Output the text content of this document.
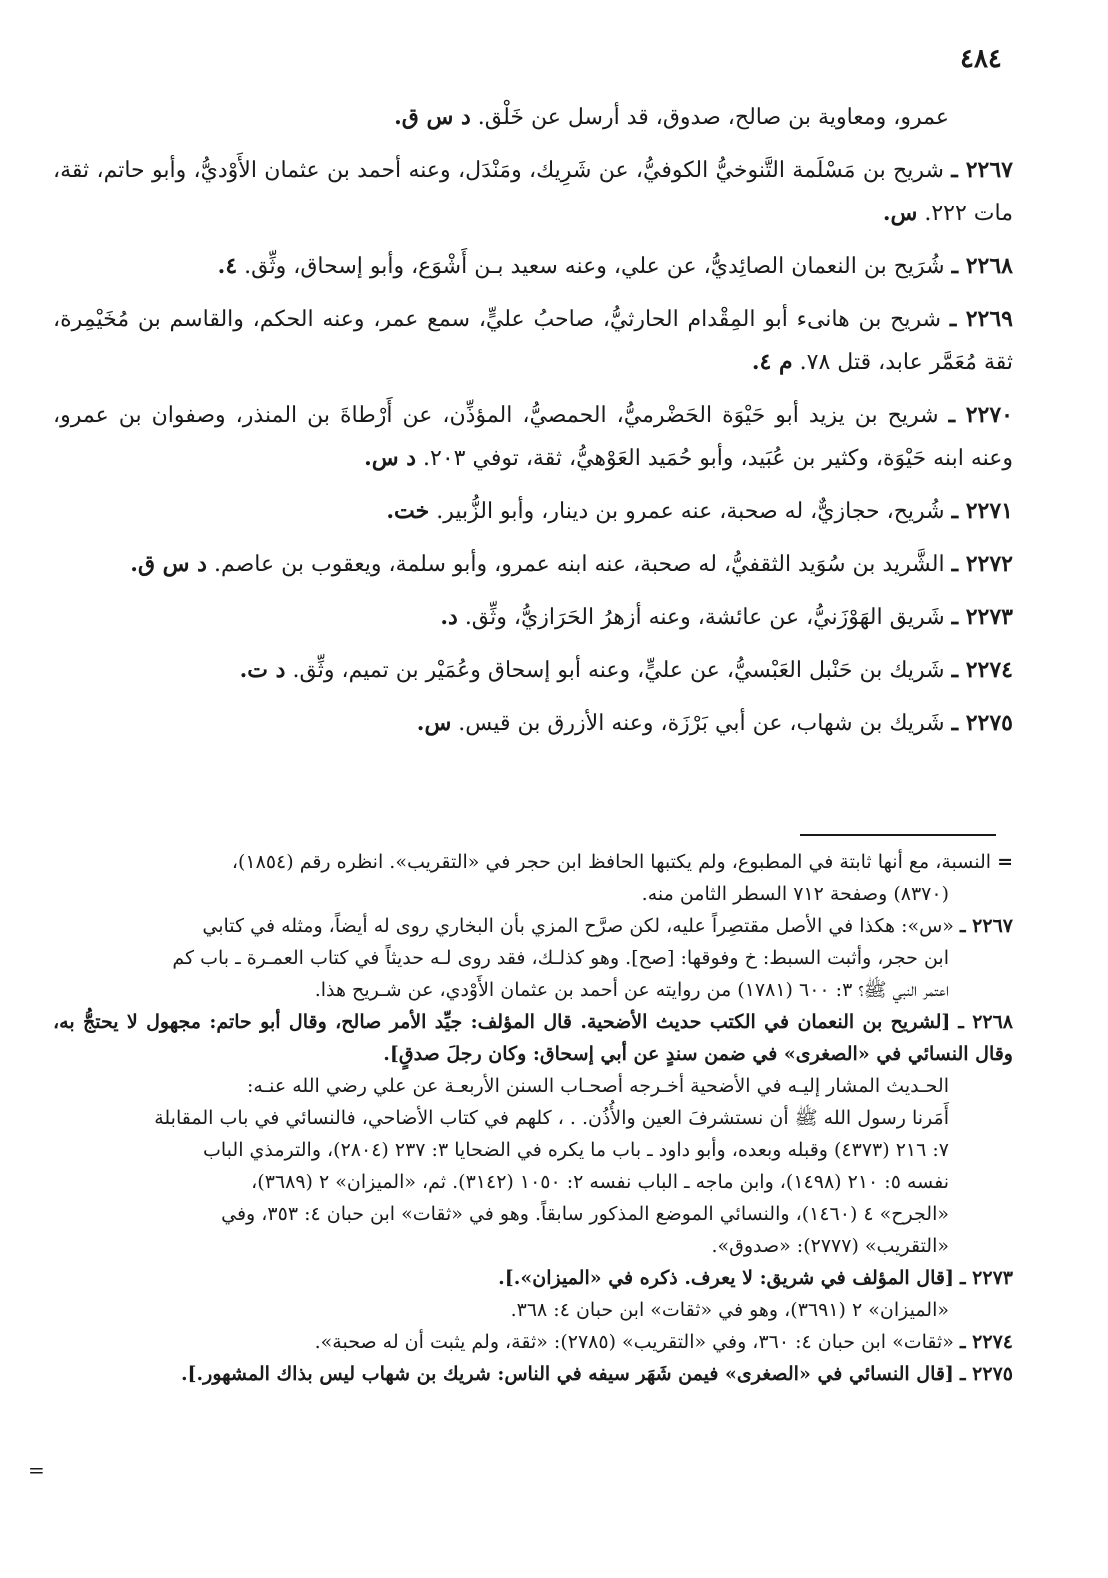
٤٨٤

عمرو، ومعاوية بن صالح، صدوق، قد أرسل عن خَلْق. د س ق.

٢٢٦٧ ـ شريح بن مَسْلَمة التَّنوخيُّ الكوفيُّ، عن شَرِيك، ومَنْدَل، وعنه أحمد بن عثمان الأَوْديُّ، وأبو حاتم، ثقة، مات ٢٢٢. س.

٢٢٦٨ ـ شُرَيح بن النعمان الصائِديُّ، عن علي، وعنه سعيد بـن أَشْوَع، وأبو إسحاق، وثِّق. ٤.

٢٢٦٩ ـ شريح بن هانىء أبو المِقْدام الحارثيُّ، صاحبُ عليٍّ، سمع عمر، وعنه الحكم، والقاسم بن مُخَيْمِرة، ثقة مُعَمَّر عابد، قتل ٧٨. م ٤.

٢٢٧٠ ـ شريح بن يزيد أبو حَيْوَة الحَضْرميُّ، الحمصيُّ، المؤذِّن، عن أَرْطاةَ بن المنذر، وصفوان بن عمرو، وعنه ابنه حَيْوَة، وكثير بن عُبَيد، وأبو حُمَيد العَوْهيُّ، ثقة، توفي ٢٠٣. د س.

٢٢٧١ ـ شُريح، حجازيٌّ، له صحبة، عنه عمرو بن دينار، وأبو الزُّبير. خت.

٢٢٧٢ ـ الشَّريد بن سُوَيد الثقفيُّ، له صحبة، عنه ابنه عمرو، وأبو سلمة، ويعقوب بن عاصم. د س ق.

٢٢٧٣ ـ شَريق الهَوْزَنيُّ، عن عائشة، وعنه أزهرُ الحَرَازيُّ، وثِّق. د.

٢٢٧٤ ـ شَريك بن حَنْبل العَبْسيُّ، عن عليٍّ، وعنه أبو إسحاق وعُمَيْر بن تميم، وثِّق. د ت.

٢٢٧٥ ـ شَريك بن شهاب، عن أبي بَرْزَة، وعنه الأزرق بن قيس. س.

= النسبة، مع أنها ثابتة في المطبوع، ولم يكتبها الحافظ ابن حجر في «التقريب». انظره رقم (١٨٥٤)،
(٨٣٧٠) وصفحة ٧١٢ السطر الثامن منه.

٢٢٦٧ ـ «س»: هكذا في الأصل مقتصِراً عليه، لكن صرَّح المزي بأن البخاري روى له أيضاً، ومثله في كتابي
ابن حجر، وأثبت السبط: خ وفوقها: [صح]. وهو كذلـك، فقد روى لـه حديثاً في كتاب العمـرة ـ باب كم
اعتمر النبي ﷺ؟ ٣: ٦٠٠ (١٧٨١) من روايته عن أحمد بن عثمان الأَوْدي، عن شـريح هذا.

٢٢٦٨ ـ [لشريح بن النعمان في الكتب حديث الأضحية. قال المؤلف: جيِّد الأمر صالح، وقال أبو حاتم: مجهول لا يحتجُّ به، وقال النسائي في «الصغرى» في ضمن سندٍ عن أبي إسحاق: وكان رجلَ صدقٍ].
الحـديث المشار إليـه في الأضحية أخـرجه أصحـاب السنن الأربعـة عن علي رضي الله عنـه:
أَمَرنا رسول الله ﷺ أن نستشرفَ العين والأُذُن. . ، كلهم في كتاب الأضاحي، فالنسائي في باب المقابلة
٧: ٢١٦ (٤٣٧٣) وقبله وبعده، وأبو داود ـ باب ما يكره في الضحايا ٣: ٢٣٧ (٢٨٠٤)، والترمذي الباب
نفسه ٥: ٢١٠ (١٤٩٨)، وابن ماجه ـ الباب نفسه ٢: ١٠٥٠ (٣١٤٢). ثم، «الميزان» ٢ (٣٦٨٩)،
«الجرح» ٤ (١٤٦٠)، والنسائي الموضع المذكور سابقاً. وهو في «ثقات» ابن حبان ٤: ٣٥٣، وفي
«التقريب» (٢٧٧٧): «صدوق».

٢٢٧٣ ـ [قال المؤلف في شريق: لا يعرف. ذكره في «الميزان».].
«الميزان» ٢ (٣٦٩١)، وهو في «ثقات» ابن حبان ٤: ٣٦٨.

٢٢٧٤ ـ «ثقات» ابن حبان ٤: ٣٦٠، وفي «التقريب» (٢٧٨٥): «ثقة، ولم يثبت أن له صحبة».

٢٢٧٥ ـ [قال النسائي في «الصغرى» فيمن شَهَر سيفه في الناس: شريك بن شهاب ليس بذاك المشهور.].

=
